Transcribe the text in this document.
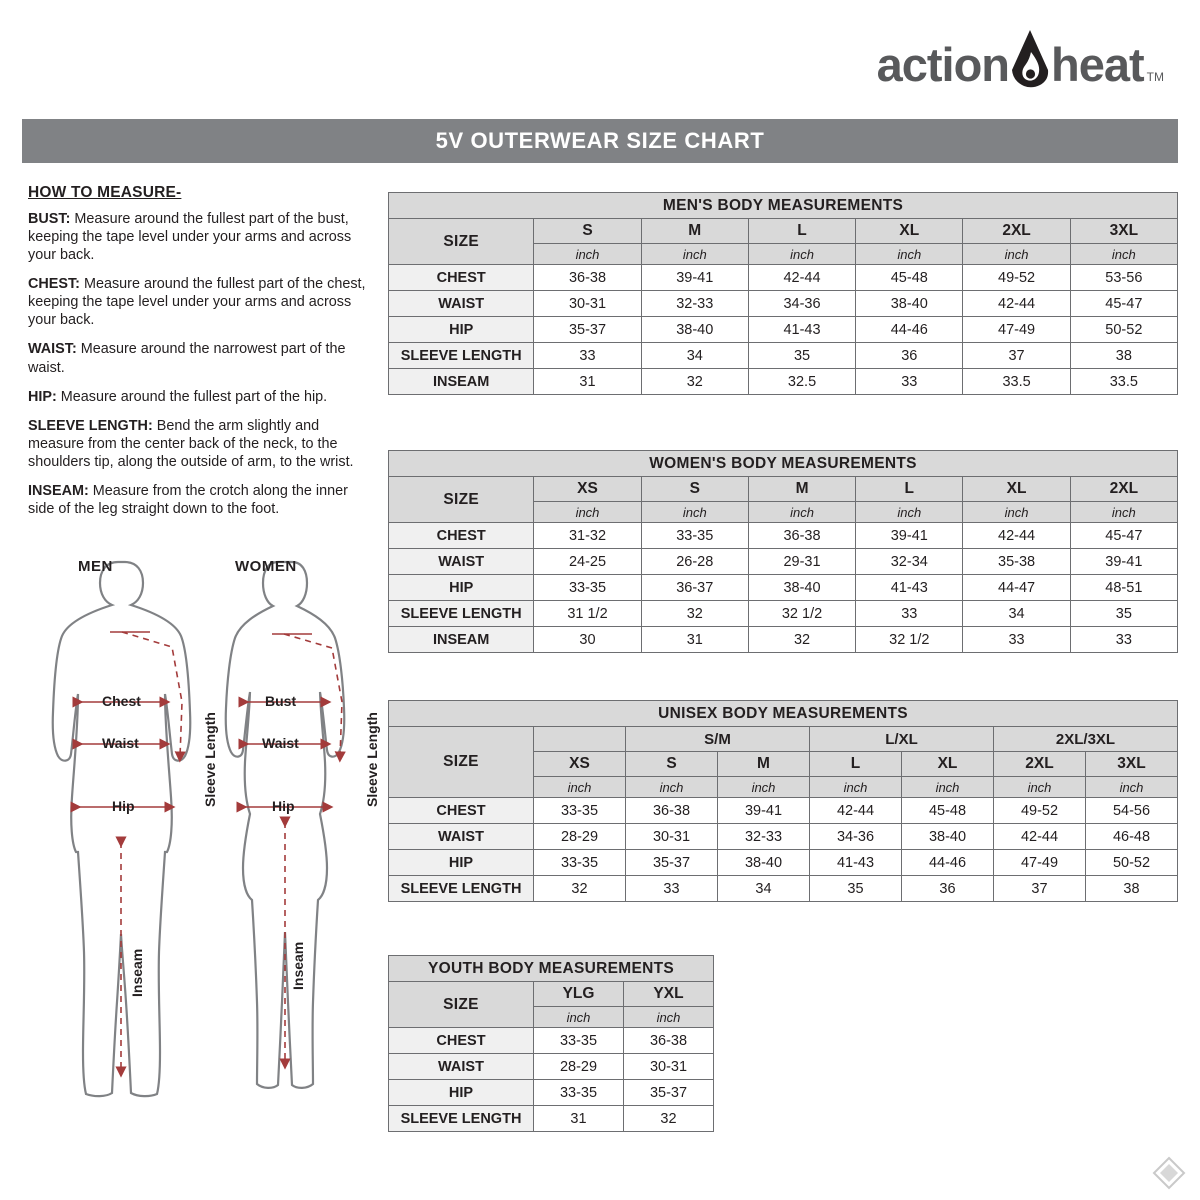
action heat TM
5V OUTERWEAR SIZE CHART
HOW TO MEASURE-

BUST: Measure around the fullest part of the bust, keeping the tape level under your arms and across your back.

CHEST: Measure around the fullest part of the chest, keeping the tape level under your arms and across your back.

WAIST: Measure around the narrowest part of the waist.

HIP: Measure around the fullest part of the hip.

SLEEVE LENGTH: Bend the arm slightly and measure from the center back of the neck, to the shoulders tip, along the outside of arm, to the wrist.

INSEAM: Measure from the crotch along the inner side of the leg straight down to the foot.

Chest
Waist
Hip	Sleeve Length
Inseam
Bust
Waist
Hip	Sleeve Length
Inseam
MEN	WOMEN
MEN'S BODY MEASUREMENTS						
SIZE	S	M	L	XL	2XL	3XL
	inch	inch	inch	inch	inch	inch
CHEST	36-38	39-41	42-44	45-48	49-52	53-56
WAIST	30-31	32-33	34-36	38-40	42-44	45-47
HIP	35-37	38-40	41-43	44-46	47-49	50-52
SLEEVE LENGTH	33	34	35	36	37	38
INSEAM	31	32	32.5	33	33.5	33.5
WOMEN'S BODY MEASUREMENTS						
SIZE	XS	S	M	L	XL	2XL
	inch	inch	inch	inch	inch	inch
CHEST	31-32	33-35	36-38	39-41	42-44	45-47
WAIST	24-25	26-28	29-31	32-34	35-38	39-41
HIP	33-35	36-37	38-40	41-43	44-47	48-51
SLEEVE LENGTH	31 1/2	32	32 1/2	33	34	35
INSEAM	30	31	32	32 1/2	33	33
UNISEX BODY MEASUREMENTS							
SIZE		S/M		L/XL		2XL/3XL	
	XS	S	M	L	XL	2XL	3XL
	inch	inch	inch	inch	inch	inch	inch
CHEST	33-35	36-38	39-41	42-44	45-48	49-52	54-56
WAIST	28-29	30-31	32-33	34-36	38-40	42-44	46-48
HIP	33-35	35-37	38-40	41-43	44-46	47-49	50-52
SLEEVE LENGTH	32	33	34	35	36	37	38
YOUTH BODY MEASUREMENTS		
SIZE	YLG	YXL
	inch	inch
CHEST	33-35	36-38
WAIST	28-29	30-31
HIP	33-35	35-37
SLEEVE LENGTH	31	32
